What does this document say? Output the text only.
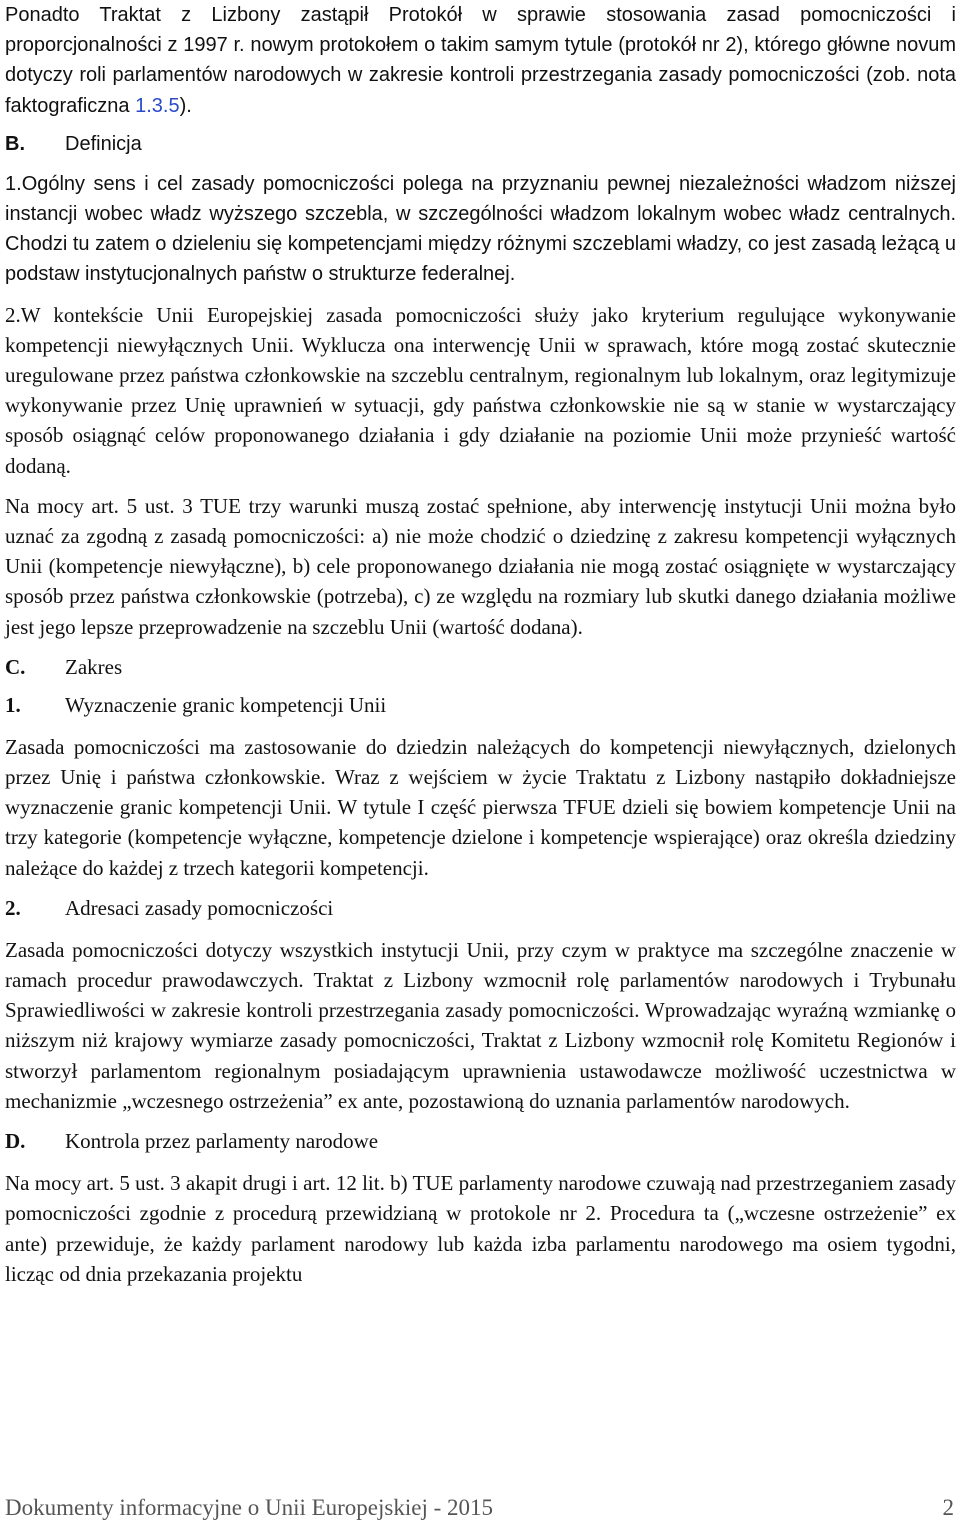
Ponadto Traktat z Lizbony zastąpił Protokół w sprawie stosowania zasad pomocniczości i proporcjonalności z 1997 r. nowym protokołem o takim samym tytule (protokół nr 2), którego główne novum dotyczy roli parlamentów narodowych w zakresie kontroli przestrzegania zasady pomocniczości (zob. nota faktograficzna 1.3.5).

B. Definicja

1.Ogólny sens i cel zasady pomocniczości polega na przyznaniu pewnej niezależności władzom niższej instancji wobec władz wyższego szczebla, w szczególności władzom lokalnym wobec władz centralnych. Chodzi tu zatem o dzieleniu się kompetencjami między różnymi szczeblami władzy, co jest zasadą leżącą u podstaw instytucjonalnych państw o strukturze federalnej.

2.W kontekście Unii Europejskiej zasada pomocniczości służy jako kryterium regulujące wykonywanie kompetencji niewyłącznych Unii. Wyklucza ona interwencję Unii w sprawach, które mogą zostać skutecznie uregulowane przez państwa członkowskie na szczeblu centralnym, regionalnym lub lokalnym, oraz legitymizuje wykonywanie przez Unię uprawnień w sytuacji, gdy państwa członkowskie nie są w stanie w wystarczający sposób osiągnąć celów proponowanego działania i gdy działanie na poziomie Unii może przynieść wartość dodaną.

Na mocy art. 5 ust. 3 TUE trzy warunki muszą zostać spełnione, aby interwencję instytucji Unii można było uznać za zgodną z zasadą pomocniczości: a) nie może chodzić o dziedzinę z zakresu kompetencji wyłącznych Unii (kompetencje niewyłączne), b) cele proponowanego działania nie mogą zostać osiągnięte w wystarczający sposób przez państwa członkowskie (potrzeba), c) ze względu na rozmiary lub skutki danego działania możliwe jest jego lepsze przeprowadzenie na szczeblu Unii (wartość dodana).

C. Zakres
1. Wyznaczenie granic kompetencji Unii

Zasada pomocniczości ma zastosowanie do dziedzin należących do kompetencji niewyłącznych, dzielonych przez Unię i państwa członkowskie. Wraz z wejściem w życie Traktatu z Lizbony nastąpiło dokładniejsze wyznaczenie granic kompetencji Unii. W tytule I część pierwsza TFUE dzieli się bowiem kompetencje Unii na trzy kategorie (kompetencje wyłączne, kompetencje dzielone i kompetencje wspierające) oraz określa dziedziny należące do każdej z trzech kategorii kompetencji.

2. Adresaci zasady pomocniczości

Zasada pomocniczości dotyczy wszystkich instytucji Unii, przy czym w praktyce ma szczególne znaczenie w ramach procedur prawodawczych. Traktat z Lizbony wzmocnił rolę parlamentów narodowych i Trybunału Sprawiedliwości w zakresie kontroli przestrzegania zasady pomocniczości. Wprowadzając wyraźną wzmiankę o niższym niż krajowy wymiarze zasady pomocniczości, Traktat z Lizbony wzmocnił rolę Komitetu Regionów i stworzył parlamentom regionalnym posiadającym uprawnienia ustawodawcze możliwość uczestnictwa w mechanizmie „wczesnego ostrzeżenia” ex ante, pozostawioną do uznania parlamentów narodowych.

D. Kontrola przez parlamenty narodowe

Na mocy art. 5 ust. 3 akapit drugi i art. 12 lit. b) TUE parlamenty narodowe czuwają nad przestrzeganiem zasady pomocniczości zgodnie z procedurą przewidzianą w protokole nr 2. Procedura ta („wczesne ostrzeżenie” ex ante) przewiduje, że każdy parlament narodowy lub każda izba parlamentu narodowego ma osiem tygodni, licząc od dnia przekazania projektu

Dokumenty informacyjne o Unii Europejskiej - 2015	2
